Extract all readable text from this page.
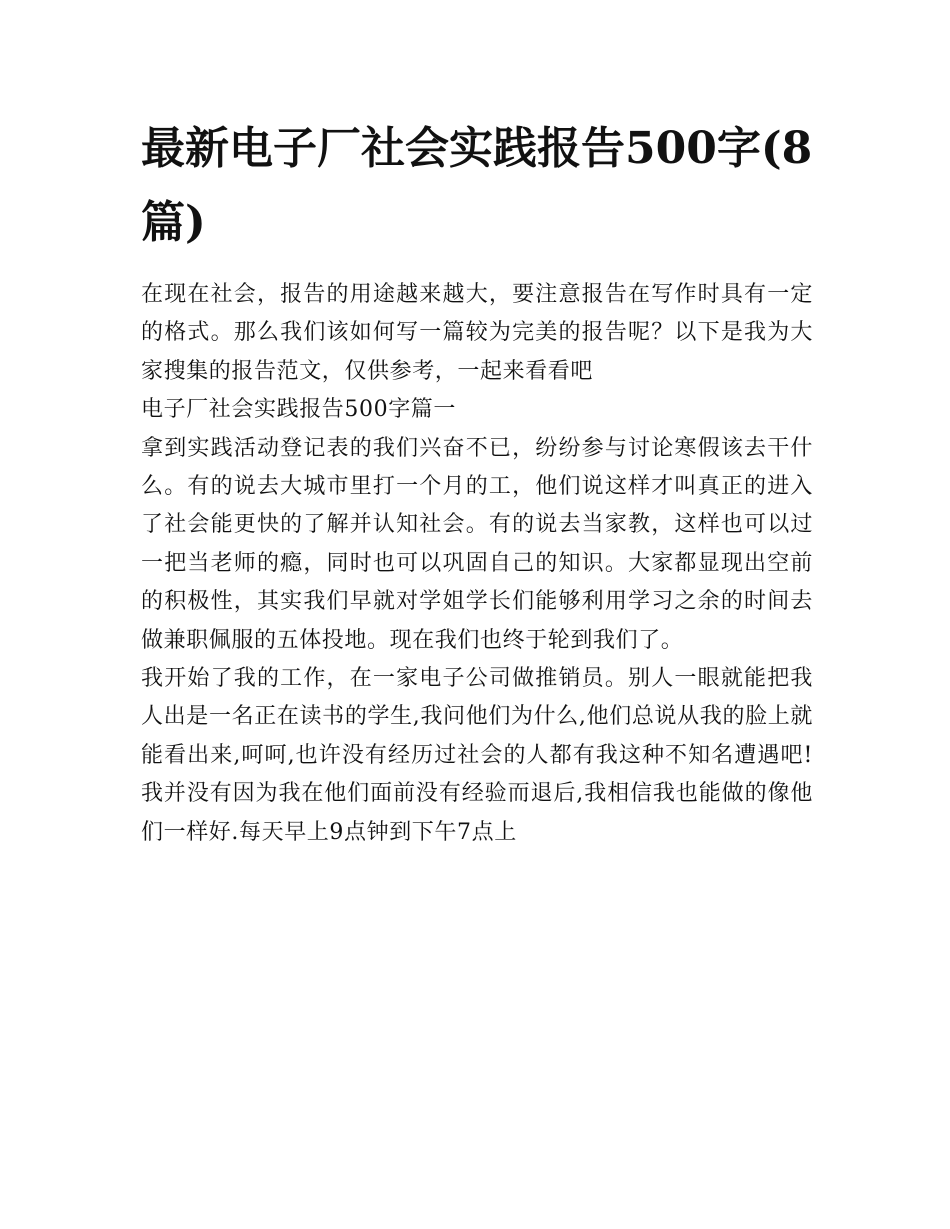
最新电子厂社会实践报告500字(8篇)

在现在社会，报告的用途越来越大，要注意报告在写作时具有一定的格式。那么我们该如何写一篇较为完美的报告呢？以下是我为大家搜集的报告范文，仅供参考，一起来看看吧

电子厂社会实践报告500字篇一

拿到实践活动登记表的我们兴奋不已，纷纷参与讨论寒假该去干什么。有的说去大城市里打一个月的工，他们说这样才叫真正的进入了社会能更快的了解并认知社会。有的说去当家教，这样也可以过一把当老师的瘾，同时也可以巩固自己的知识。大家都显现出空前的积极性，其实我们早就对学姐学长们能够利用学习之余的时间去做兼职佩服的五体投地。现在我们也终于轮到我们了。

我开始了我的工作，在一家电子公司做推销员。别人一眼就能把我人出是一名正在读书的学生,我问他们为什么,他们总说从我的脸上就能看出来,呵呵,也许没有经历过社会的人都有我这种不知名遭遇吧!我并没有因为我在他们面前没有经验而退后,我相信我也能做的像他们一样好.每天早上9点钟到下午7点上
